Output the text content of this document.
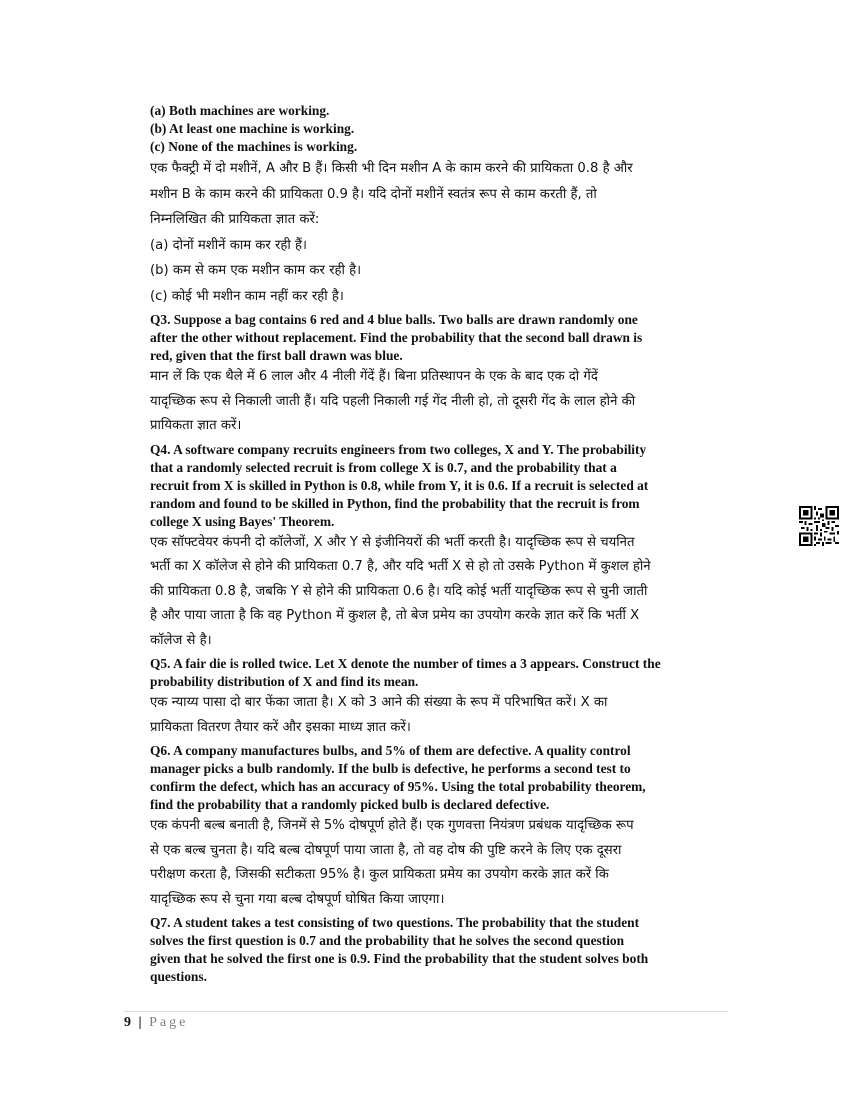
(a) Both machines are working.

(b) At least one machine is working.

(c) None of the machines is working.

एक फैक्ट्री में दो मशीनें, A और B हैं। किसी भी दिन मशीन A के काम करने की प्रायिकता 0.8 है और

मशीन B के काम करने की प्रायिकता 0.9 है। यदि दोनों मशीनें स्वतंत्र रूप से काम करती हैं, तो

निम्नलिखित की प्रायिकता ज्ञात करें:

(a) दोनों मशीनें काम कर रही हैं।

(b) कम से कम एक मशीन काम कर रही है।

(c) कोई भी मशीन काम नहीं कर रही है।

Q3. Suppose a bag contains 6 red and 4 blue balls. Two balls are drawn randomly one

after the other without replacement. Find the probability that the second ball drawn is

red, given that the first ball drawn was blue.

मान लें कि एक थैले में 6 लाल और 4 नीली गेंदें हैं। बिना प्रतिस्थापन के एक के बाद एक दो गेंदें

यादृच्छिक रूप से निकाली जाती हैं। यदि पहली निकाली गई गेंद नीली हो, तो दूसरी गेंद के लाल होने की

प्रायिकता ज्ञात करें।

Q4. A software company recruits engineers from two colleges, X and Y. The probability

that a randomly selected recruit is from college X is 0.7, and the probability that a

recruit from X is skilled in Python is 0.8, while from Y, it is 0.6. If a recruit is selected at

random and found to be skilled in Python, find the probability that the recruit is from

college X using Bayes' Theorem.

एक सॉफ्टवेयर कंपनी दो कॉलेजों, X और Y से इंजीनियरों की भर्ती करती है। यादृच्छिक रूप से चयनित

भर्ती का X कॉलेज से होने की प्रायिकता 0.7 है, और यदि भर्ती X से हो तो उसके Python में कुशल होने

की प्रायिकता 0.8 है, जबकि Y से होने की प्रायिकता 0.6 है। यदि कोई भर्ती यादृच्छिक रूप से चुनी जाती

है और पाया जाता है कि वह Python में कुशल है, तो बेज प्रमेय का उपयोग करके ज्ञात करें कि भर्ती X

कॉलेज से है।

Q5. A fair die is rolled twice. Let X denote the number of times a 3 appears. Construct the

probability distribution of X and find its mean.

एक न्याय्य पासा दो बार फेंका जाता है। X को 3 आने की संख्या के रूप में परिभाषित करें। X का

प्रायिकता वितरण तैयार करें और इसका माध्य ज्ञात करें।

Q6. A company manufactures bulbs, and 5% of them are defective. A quality control

manager picks a bulb randomly. If the bulb is defective, he performs a second test to

confirm the defect, which has an accuracy of 95%. Using the total probability theorem,

find the probability that a randomly picked bulb is declared defective.

एक कंपनी बल्ब बनाती है, जिनमें से 5% दोषपूर्ण होते हैं। एक गुणवत्ता नियंत्रण प्रबंधक यादृच्छिक रूप

से एक बल्ब चुनता है। यदि बल्ब दोषपूर्ण पाया जाता है, तो वह दोष की पुष्टि करने के लिए एक दूसरा

परीक्षण करता है, जिसकी सटीकता 95% है। कुल प्रायिकता प्रमेय का उपयोग करके ज्ञात करें कि

यादृच्छिक रूप से चुना गया बल्ब दोषपूर्ण घोषित किया जाएगा।

Q7. A student takes a test consisting of two questions. The probability that the student

solves the first question is 0.7 and the probability that he solves the second question

given that he solved the first one is 0.9. Find the probability that the student solves both

questions.

9 | Page
